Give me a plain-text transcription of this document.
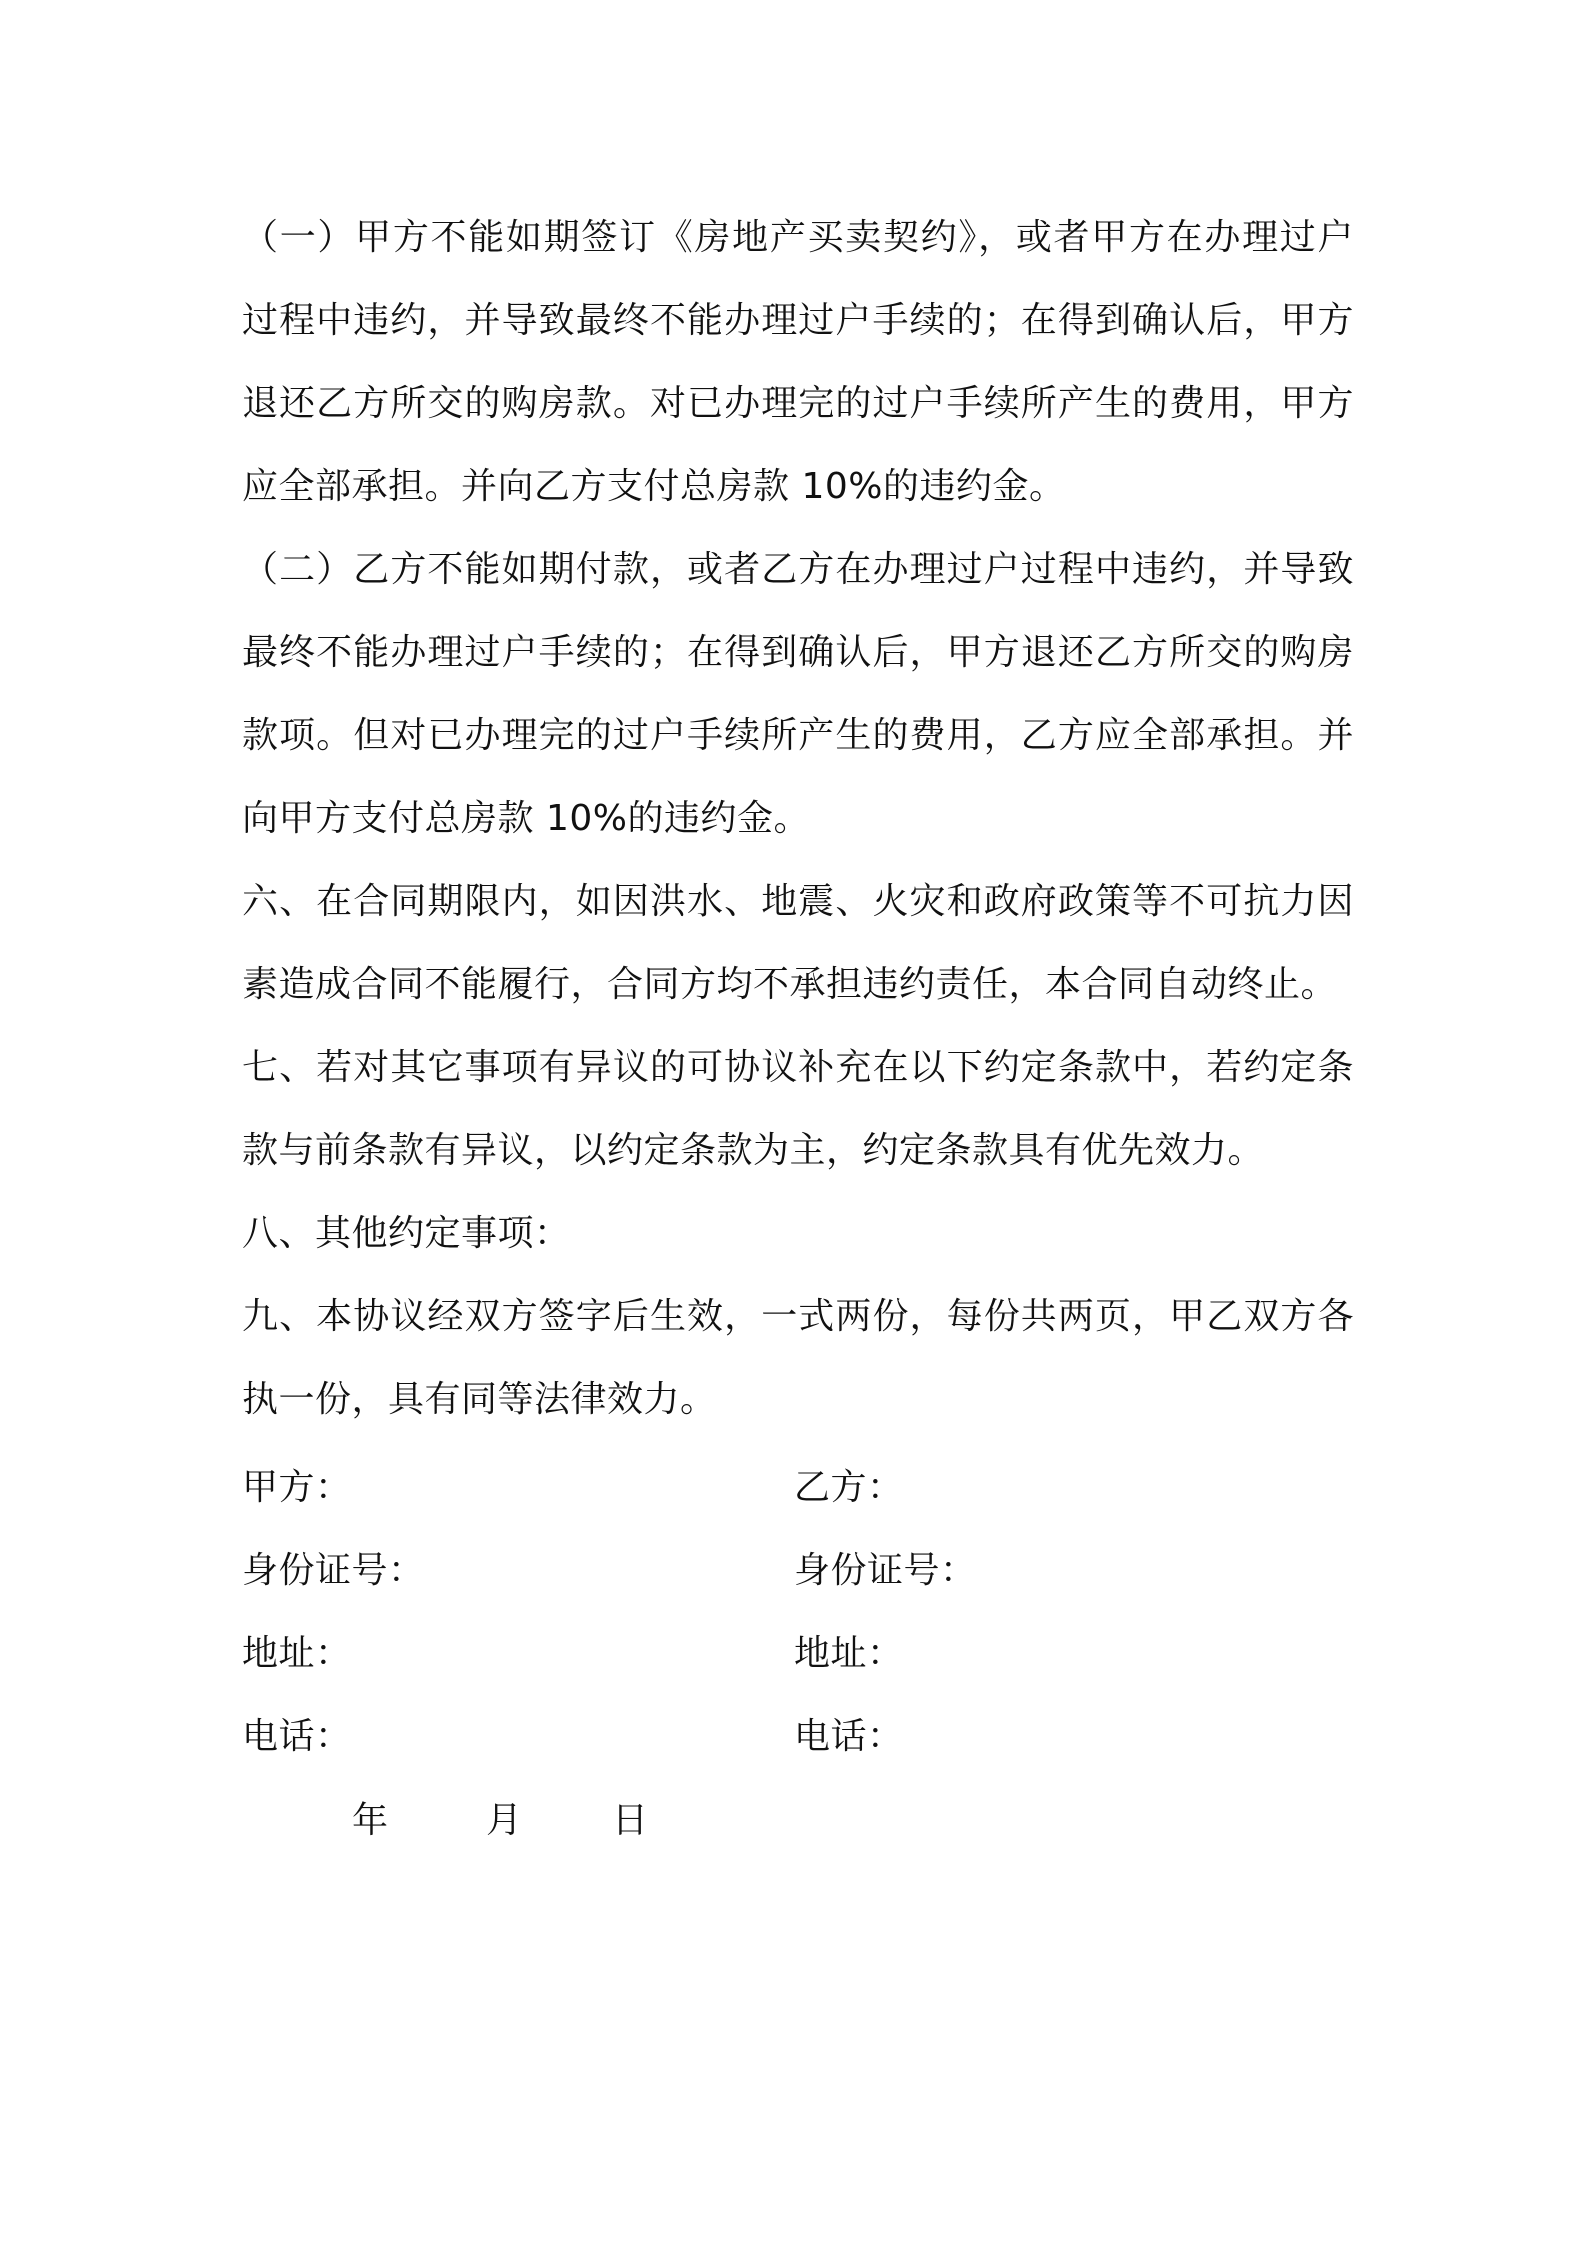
（一）甲方不能如期签订《房地产买卖契约》，或者甲方在办理过户过程中违约，并导致最终不能办理过户手续的；在得到确认后，甲方退还乙方所交的购房款。对已办理完的过户手续所产生的费用，甲方应全部承担。并向乙方支付总房款 10%的违约金。

（二）乙方不能如期付款，或者乙方在办理过户过程中违约，并导致最终不能办理过户手续的；在得到确认后，甲方退还乙方所交的购房款项。但对已办理完的过户手续所产生的费用，乙方应全部承担。并向甲方支付总房款 10%的违约金。

六、在合同期限内，如因洪水、地震、火灾和政府政策等不可抗力因素造成合同不能履行，合同方均不承担违约责任，本合同自动终止。

七、若对其它事项有异议的可协议补充在以下约定条款中，若约定条款与前条款有异议，以约定条款为主，约定条款具有优先效力。

八、其他约定事项：

九、本协议经双方签字后生效，一式两份，每份共两页，甲乙双方各执一份，具有同等法律效力。

甲方：	乙方：
身份证号：	身份证号：
地址：	地址：
电话：	电话：
年	月	日
